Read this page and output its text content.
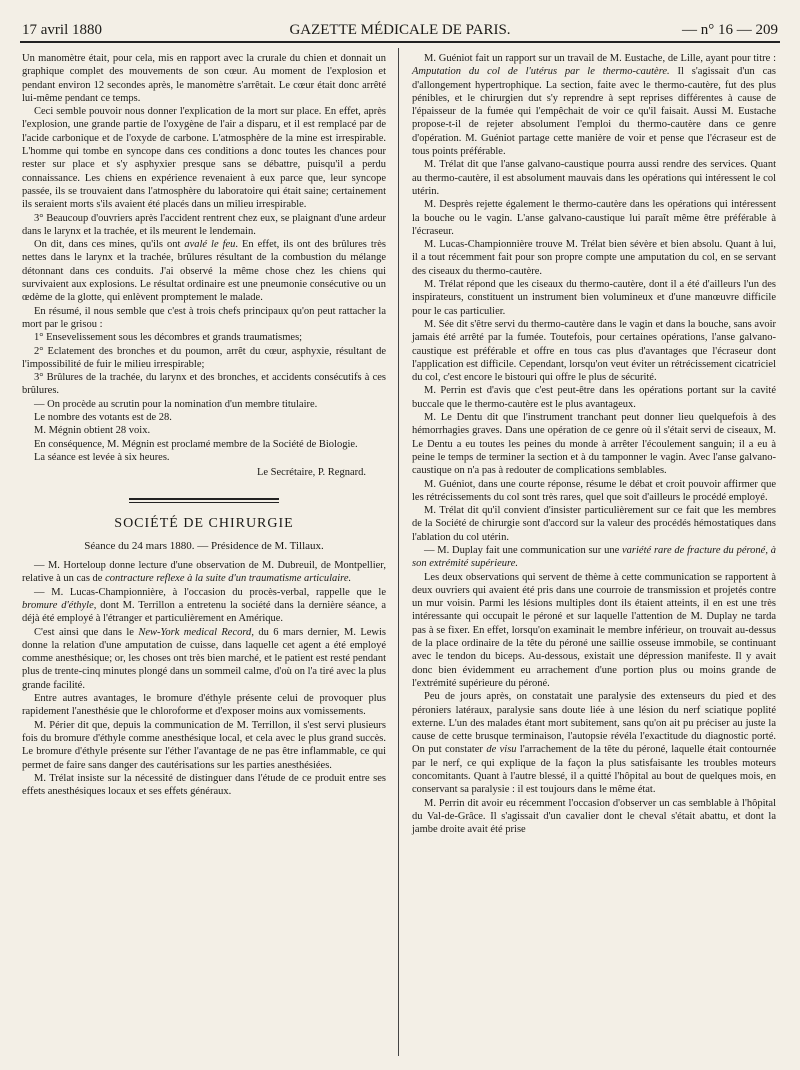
17 avril 1880	GAZETTE MÉDICALE DE PARIS.	— n° 16 — 209

Un manomètre était, pour cela, mis en rapport avec la crurale du chien et donnait un graphique complet des mouvements de son cœur. Au moment de l'explosion et pendant environ 12 secondes après, le manomètre s'arrêtait. Le cœur était donc arrêté lui-même pendant ce temps.

Ceci semble pouvoir nous donner l'explication de la mort sur place. En effet, après l'explosion, une grande partie de l'oxygène de l'air a disparu, et il est remplacé par de l'acide carbonique et de l'oxyde de carbone. L'atmosphère de la mine est irrespirable. L'homme qui tombe en syncope dans ces conditions a donc toutes les chances pour rester sur place et s'y asphyxier presque sans se débattre, puisqu'il a perdu connaissance. Les chiens en expérience revenaient à eux parce que, leur syncope passée, ils se trouvaient dans l'atmosphère du laboratoire qui était saine; certainement ils seraient morts s'ils avaient été placés dans un milieu irrespirable.

3° Beaucoup d'ouvriers après l'accident rentrent chez eux, se plaignant d'une ardeur dans le larynx et la trachée, et ils meurent le lendemain.

On dit, dans ces mines, qu'ils ont avalé le feu. En effet, ils ont des brûlures très nettes dans le larynx et la trachée, brûlures résultant de la combustion du mélange détonnant dans ces conduits. J'ai observé la même chose chez les chiens qui survivaient aux explosions. Le résultat ordinaire est une pneumonie consécutive ou un œdème de la glotte, qui enlèvent promptement le malade.

En résumé, il nous semble que c'est à trois chefs principaux qu'on peut rattacher la mort par le grisou :

1° Ensevelissement sous les décombres et grands traumatismes;

2° Eclatement des bronches et du poumon, arrêt du cœur, asphyxie, résultant de l'impossibilité de fuir le milieu irrespirable;

3° Brûlures de la trachée, du larynx et des bronches, et accidents consécutifs à ces brûlures.

— On procède au scrutin pour la nomination d'un membre titulaire.

Le nombre des votants est de 28.

M. Mégnin obtient 28 voix.

En conséquence, M. Mégnin est proclamé membre de la Société de Biologie.

La séance est levée à six heures.

Le Secrétaire, P. Regnard.

SOCIÉTÉ DE CHIRURGIE
Séance du 24 mars 1880. — Présidence de M. Tillaux.

— M. Horteloup donne lecture d'une observation de M. Dubreuil, de Montpellier, relative à un cas de contracture reflexe à la suite d'un traumatisme articulaire.

— M. Lucas-Championnière, à l'occasion du procès-verbal, rappelle que le bromure d'éthyle, dont M. Terrillon a entretenu la société dans la dernière séance, a déjà été employé à l'étranger et particulièrement en Amérique.

C'est ainsi que dans le New-York medical Record, du 6 mars dernier, M. Lewis donne la relation d'une amputation de cuisse, dans laquelle cet agent a été employé comme anesthésique; or, les choses ont très bien marché, et le patient est resté pendant plus de trente-cinq minutes plongé dans un sommeil calme, d'où on l'a tiré avec la plus grande facilité.

Entre autres avantages, le bromure d'éthyle présente celui de provoquer plus rapidement l'anesthésie que le chloroforme et d'exposer moins aux vomissements.

M. Périer dit que, depuis la communication de M. Terrillon, il s'est servi plusieurs fois du bromure d'éthyle comme anesthésique local, et cela avec le plus grand succès. Le bromure d'éthyle présente sur l'éther l'avantage de ne pas être inflammable, ce qui permet de faire sans danger des cautérisations sur les parties anesthésiées.

M. Trélat insiste sur la nécessité de distinguer dans l'étude de ce produit entre ses effets anesthésiques locaux et ses effets généraux.

M. Guéniot fait un rapport sur un travail de M. Eustache, de Lille, ayant pour titre : Amputation du col de l'utérus par le thermo-cautère. Il s'agissait d'un cas d'allongement hypertrophique. La section, faite avec le thermo-cautère, fut des plus pénibles, et le chirurgien dut s'y reprendre à sept reprises différentes à cause de l'épaisseur de la fumée qui l'empêchait de voir ce qu'il faisait. Aussi M. Eustache propose-t-il de rejeter absolument l'emploi du thermo-cautère dans ce genre d'opération. M. Guéniot partage cette manière de voir et pense que l'écraseur est de tous points préférable.

M. Trélat dit que l'anse galvano-caustique pourra aussi rendre des services. Quant au thermo-cautère, il est absolument mauvais dans les opérations qui intéressent le col utérin.

M. Desprès rejette également le thermo-cautère dans les opérations qui intéressent la bouche ou le vagin. L'anse galvano-caustique lui paraît même être préférable à l'écraseur.

M. Lucas-Championnière trouve M. Trélat bien sévère et bien absolu. Quant à lui, il a tout récemment fait pour son propre compte une amputation du col, en se servant des ciseaux du thermo-cautère.

M. Trélat répond que les ciseaux du thermo-cautère, dont il a été d'ailleurs l'un des inspirateurs, constituent un instrument bien volumineux et d'une manœuvre difficile pour le cas particulier.

M. Sée dit s'être servi du thermo-cautère dans le vagin et dans la bouche, sans avoir jamais été arrêté par la fumée. Toutefois, pour certaines opérations, l'anse galvano-caustique est préférable et offre en tous cas plus d'avantages que l'écraseur dont l'application est difficile. Cependant, lorsqu'on veut éviter un rétrécissement cicatriciel du col, c'est encore le bistouri qui offre le plus de sécurité.

M. Perrin est d'avis que c'est peut-être dans les opérations portant sur la cavité buccale que le thermo-cautère est le plus avantageux.

M. Le Dentu dit que l'instrument tranchant peut donner lieu quelquefois à des hémorrhagies graves. Dans une opération de ce genre où il s'était servi de ciseaux, M. Le Dentu a eu toutes les peines du monde à arrêter l'écoulement sanguin; il a eu à peine le temps de terminer la section et à du tamponner le vagin. Avec l'anse galvano-caustique on n'a pas à redouter de complications semblables.

M. Guéniot, dans une courte réponse, résume le débat et croit pouvoir affirmer que les rétrécissements du col sont très rares, quel que soit d'ailleurs le procédé employé.

M. Trélat dit qu'il convient d'insister particulièrement sur ce fait que les membres de la Société de chirurgie sont d'accord sur la valeur des procédés hémostatiques dans l'ablation du col utérin.

— M. Duplay fait une communication sur une variété rare de fracture du péroné, à son extrémité supérieure.

Les deux observations qui servent de thème à cette communication se rapportent à deux ouvriers qui avaient été pris dans une courroie de transmission et projetés contre un mur voisin. Parmi les lésions multiples dont ils étaient atteints, il en est une très intéressante qui occupait le péroné et sur laquelle l'attention de M. Duplay ne tarda pas à se fixer. En effet, lorsqu'on examinait le membre inférieur, on trouvait au-dessus de la place ordinaire de la tête du péroné une saillie osseuse immobile, se continuant avec le tendon du biceps. Au-dessous, existait une dépression manifeste. Il y avait donc bien évidemment eu arrachement d'une portion plus ou moins grande de l'extrémité supérieure du péroné.

Peu de jours après, on constatait une paralysie des extenseurs du pied et des péroniers latéraux, paralysie sans doute liée à une lésion du nerf sciatique poplité externe. L'un des malades étant mort subitement, sans qu'on ait pu préciser au juste la cause de cette brusque terminaison, l'autopsie révéla l'exactitude du diagnostic porté. On put constater de visu l'arrachement de la tête du péroné, laquelle était contournée par le nerf, ce qui explique de la façon la plus satisfaisante les troubles moteurs concomitants. Quant à l'autre blessé, il a quitté l'hôpital au bout de quelques mois, en conservant sa paralysie : il est toujours dans le même état.

M. Perrin dit avoir eu récemment l'occasion d'observer un cas semblable à l'hôpital du Val-de-Grâce. Il s'agissait d'un cavalier dont le cheval s'était abattu, et dont la jambe droite avait été prise
